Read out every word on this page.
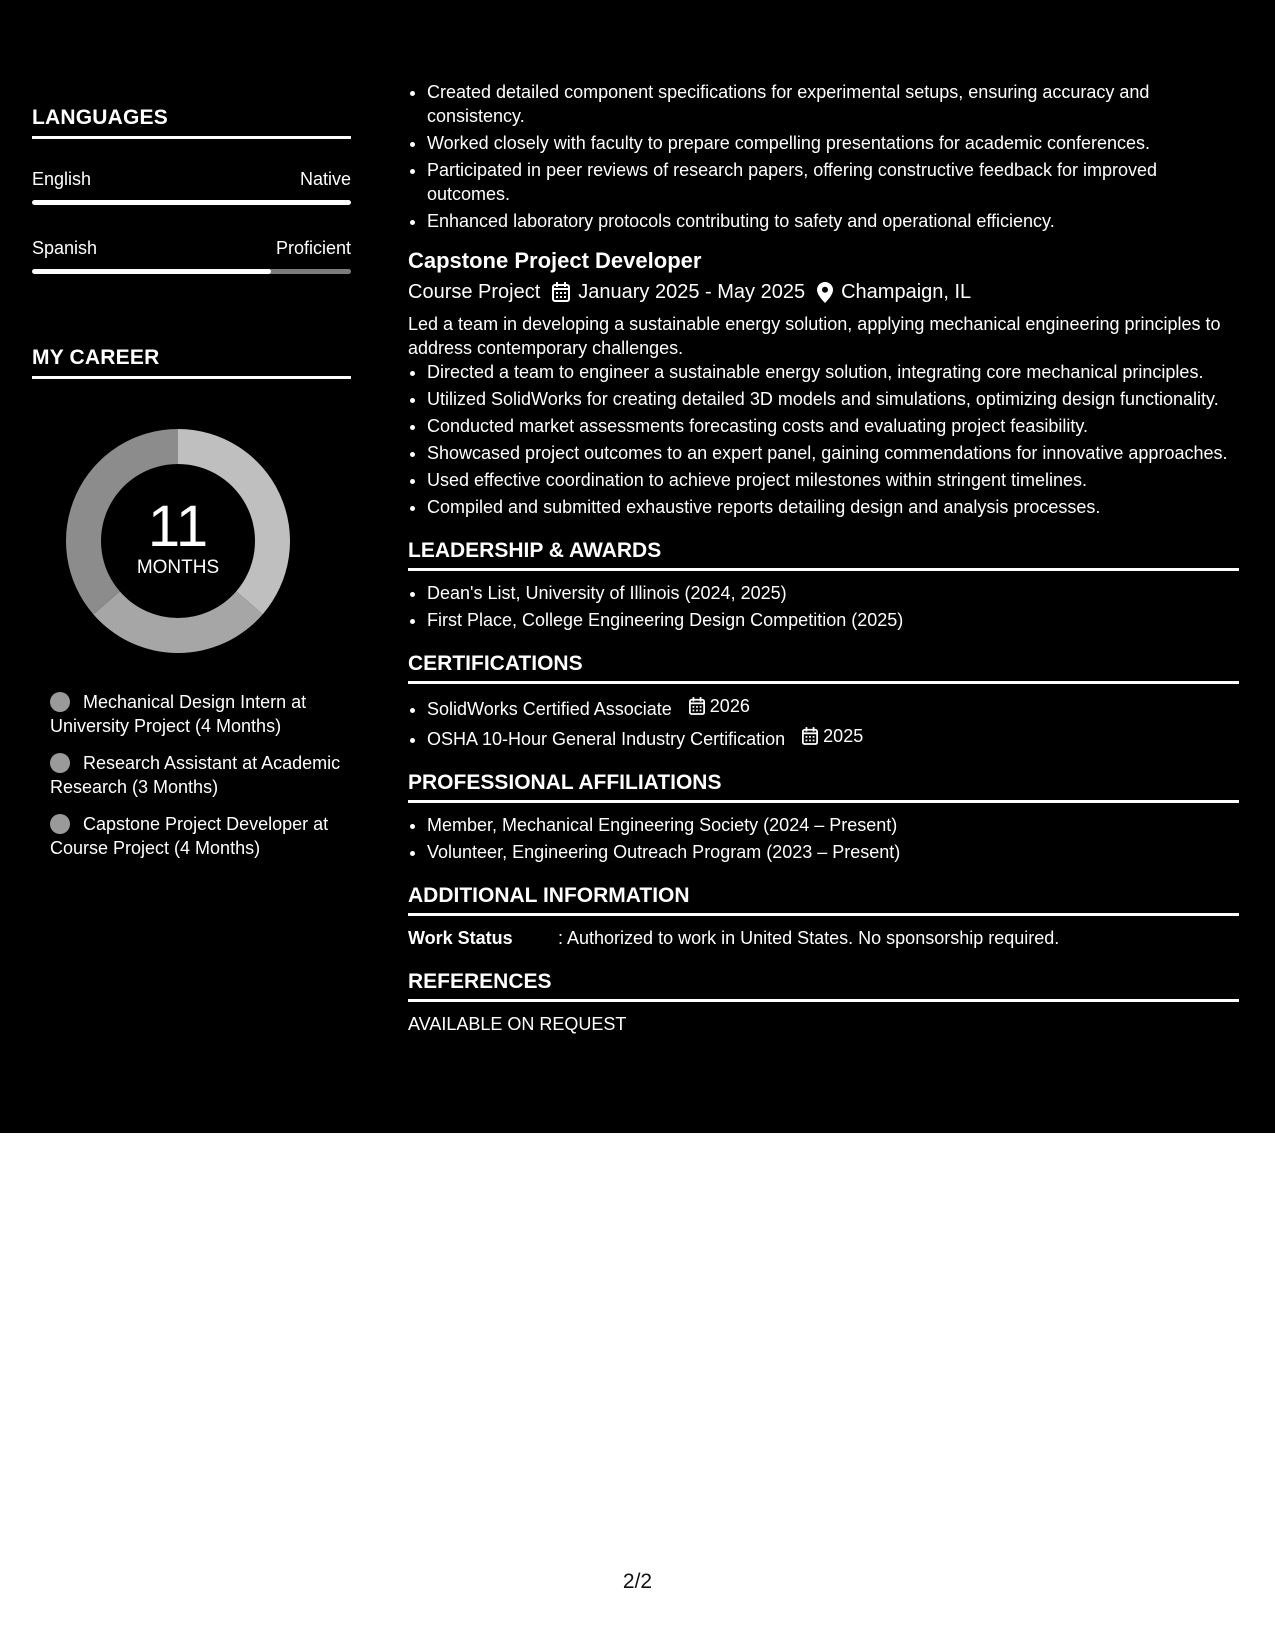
LANGUAGES
English	Native
Spanish	Proficient
MY CAREER
11
MONTHS
Mechanical Design Intern at University Project (4 Months)
Research Assistant at Academic Research (3 Months)
Capstone Project Developer at Course Project (4 Months)
• Created detailed component specifications for experimental setups, ensuring accuracy and consistency.
• Worked closely with faculty to prepare compelling presentations for academic conferences.
• Participated in peer reviews of research papers, offering constructive feedback for improved outcomes.
• Enhanced laboratory protocols contributing to safety and operational efficiency.
Capstone Project Developer
Course Project January 2025 - May 2025 Champaign, IL
Led a team in developing a sustainable energy solution, applying mechanical engineering principles to address contemporary challenges.
• Directed a team to engineer a sustainable energy solution, integrating core mechanical principles.
• Utilized SolidWorks for creating detailed 3D models and simulations, optimizing design functionality.
• Conducted market assessments forecasting costs and evaluating project feasibility.
• Showcased project outcomes to an expert panel, gaining commendations for innovative approaches.
• Used effective coordination to achieve project milestones within stringent timelines.
• Compiled and submitted exhaustive reports detailing design and analysis processes.
LEADERSHIP & AWARDS
• Dean's List, University of Illinois (2024, 2025)
• First Place, College Engineering Design Competition (2025)
CERTIFICATIONS
• SolidWorks Certified Associate 2026
• OSHA 10-Hour General Industry Certification 2025
PROFESSIONAL AFFILIATIONS
• Member, Mechanical Engineering Society (2024 – Present)
• Volunteer, Engineering Outreach Program (2023 – Present)
ADDITIONAL INFORMATION
Work Status	: Authorized to work in United States. No sponsorship required.
REFERENCES
AVAILABLE ON REQUEST
2/2
